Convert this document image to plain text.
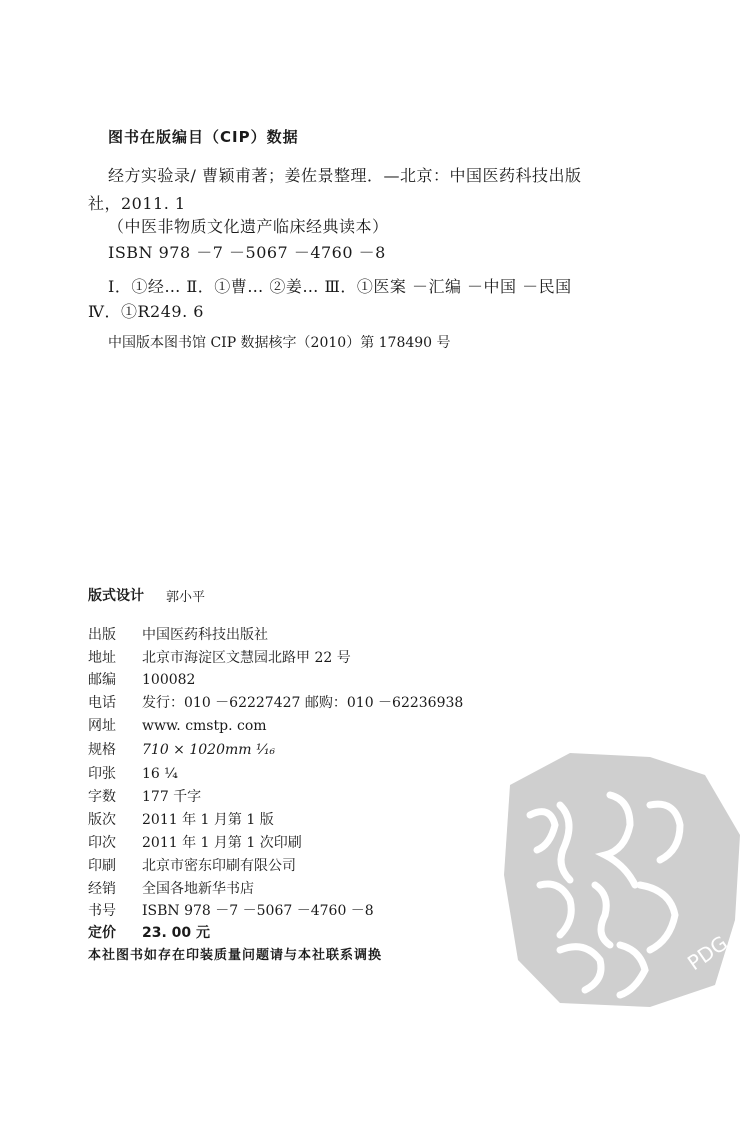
图书在版编目（CIP）数据
经方实验录/ 曹颖甫著；姜佐景整理．—北京：中国医药科技出版
社，2011. 1
（中医非物质文化遗产临床经典读本）
ISBN 978 －7 －5067 －4760 －8
Ⅰ．①经… Ⅱ．①曹… ②姜… Ⅲ．①医案 －汇编 －中国 －民国
Ⅳ．①R249. 6
中国版本图书馆 CIP 数据核字（2010）第 178490 号
版式设计 郭小平
出版 中国医药科技出版社
地址 北京市海淀区文慧园北路甲 22 号
邮编 100082
电话 发行：010 －62227427 邮购：010 －62236938
网址 www. cmstp. com
规格 710 × 1020mm ¹⁄₁₆
印张 16 ¹⁄₄
字数 177 千字
版次 2011 年 1 月第 1 版
印次 2011 年 1 月第 1 次印刷
印刷 北京市密东印刷有限公司
经销 全国各地新华书店
书号 ISBN 978 －7 －5067 －4760 －8
定价 23. 00 元
本社图书如存在印装质量问题请与本社联系调换	PDG
